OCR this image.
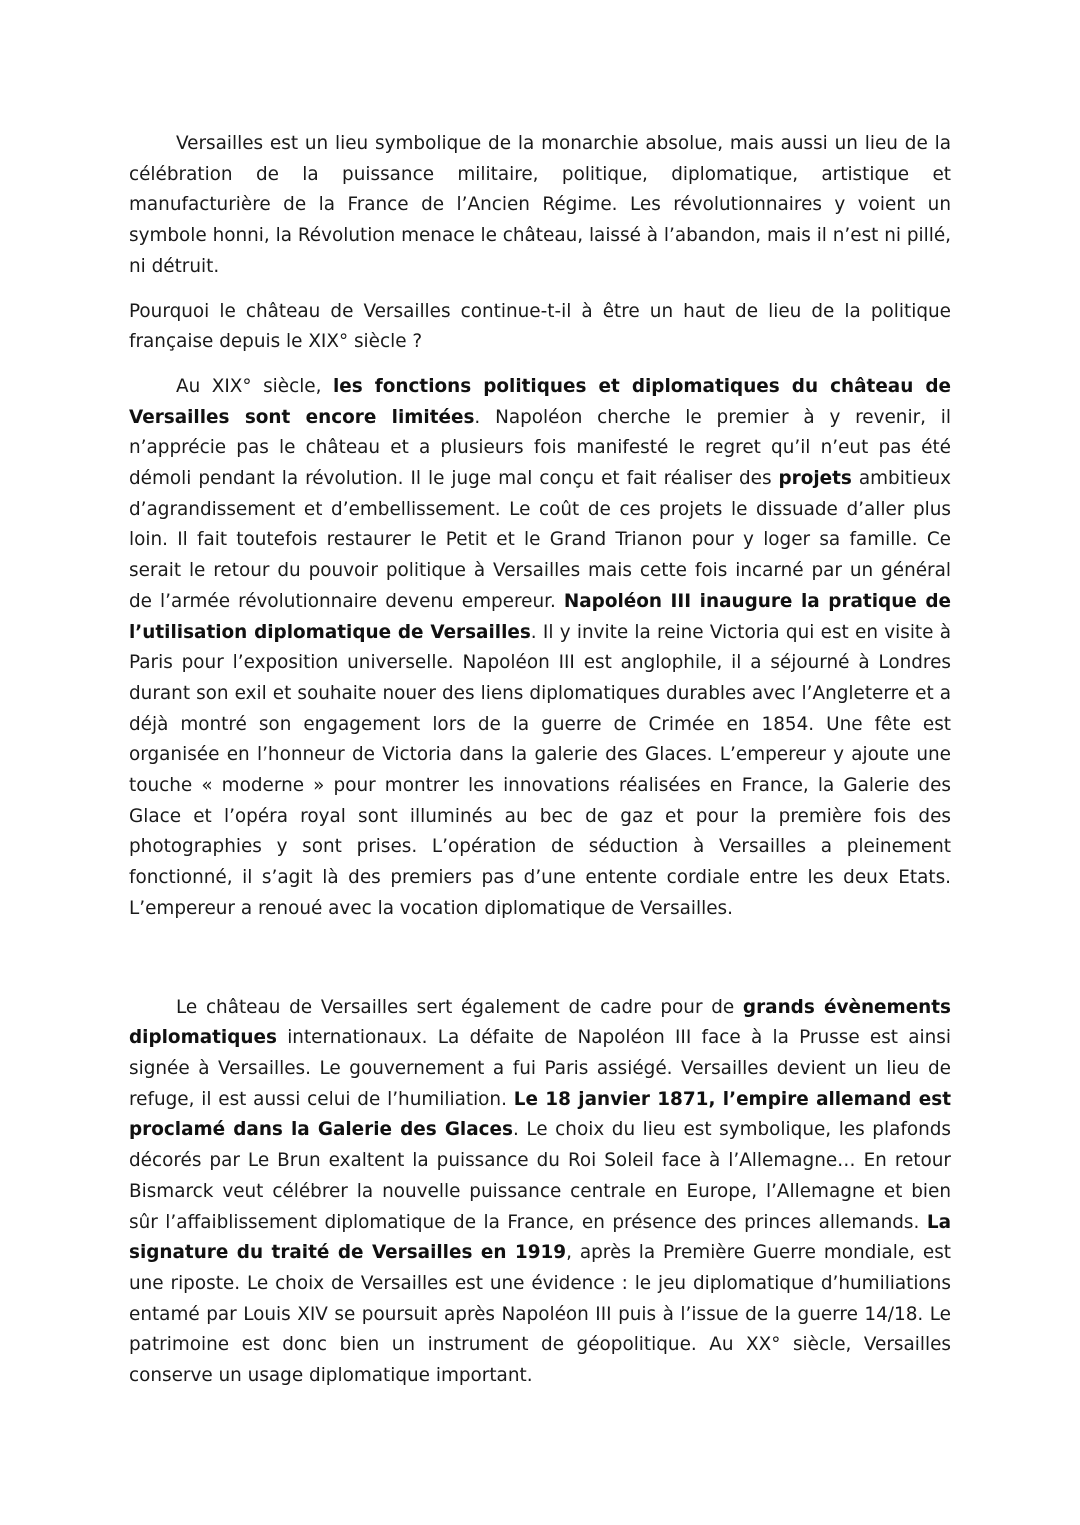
Versailles est un lieu symbolique de la monarchie absolue, mais aussi un lieu de la célébration de la puissance militaire, politique, diplomatique, artistique et manufacturière de la France de l’Ancien Régime. Les révolutionnaires y voient un symbole honni, la Révolution menace le château, laissé à l’abandon, mais il n’est ni pillé, ni détruit.

Pourquoi le château de Versailles continue-t-il à être un haut de lieu de la politique française depuis le XIX° siècle ?

Au XIX° siècle, les fonctions politiques et diplomatiques du château de Versailles sont encore limitées. Napoléon cherche le premier à y revenir, il n’apprécie pas le château et a plusieurs fois manifesté le regret qu’il n’eut pas été démoli pendant la révolution. Il le juge mal conçu et fait réaliser des projets ambitieux d’agrandissement et d’embellissement. Le coût de ces projets le dissuade d’aller plus loin. Il fait toutefois restaurer le Petit et le Grand Trianon pour y loger sa famille. Ce serait le retour du pouvoir politique à Versailles mais cette fois incarné par un général de l’armée révolutionnaire devenu empereur. Napoléon III inaugure la pratique de l’utilisation diplomatique de Versailles. Il y invite la reine Victoria qui est en visite à Paris pour l’exposition universelle. Napoléon III est anglophile, il a séjourné à Londres durant son exil et souhaite nouer des liens diplomatiques durables avec l’Angleterre et a déjà montré son engagement lors de la guerre de Crimée en 1854. Une fête est organisée en l’honneur de Victoria dans la galerie des Glaces. L’empereur y ajoute une touche « moderne » pour montrer les innovations réalisées en France, la Galerie des Glace et l’opéra royal sont illuminés au bec de gaz et pour la première fois des photographies y sont prises. L’opération de séduction à Versailles a pleinement fonctionné, il s’agit là des premiers pas d’une entente cordiale entre les deux Etats. L’empereur a renoué avec la vocation diplomatique de Versailles.

Le château de Versailles sert également de cadre pour de grands évènements diplomatiques internationaux. La défaite de Napoléon III face à la Prusse est ainsi signée à Versailles. Le gouvernement a fui Paris assiégé. Versailles devient un lieu de refuge, il est aussi celui de l’humiliation. Le 18 janvier 1871, l’empire allemand est proclamé dans la Galerie des Glaces. Le choix du lieu est symbolique, les plafonds décorés par Le Brun exaltent la puissance du Roi Soleil face à l’Allemagne… En retour Bismarck veut célébrer la nouvelle puissance centrale en Europe, l’Allemagne et bien sûr l’affaiblissement diplomatique de la France, en présence des princes allemands. La signature du traité de Versailles en 1919, après la Première Guerre mondiale, est une riposte. Le choix de Versailles est une évidence : le jeu diplomatique d’humiliations entamé par Louis XIV se poursuit après Napoléon III puis à l’issue de la guerre 14/18. Le patrimoine est donc bien un instrument de géopolitique. Au XX° siècle, Versailles conserve un usage diplomatique important.
